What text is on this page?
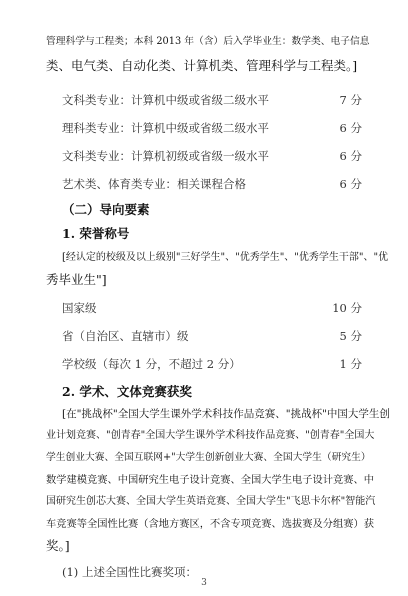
管理科学与工程类；本科 2013 年（含）后入学毕业生：数学类、电子信息
类、电气类、自动化类、计算机类、管理科学与工程类。]
文科类专业：计算机中级或省级二级水平	7 分
理科类专业：计算机中级或省级二级水平	6 分
文科类专业：计算机初级或省级一级水平	6 分
艺术类、体育类专业：相关课程合格	6 分
（二）导向要素
1. 荣誉称号
[经认定的校级及以上级别"三好学生"、"优秀学生"、"优秀学生干部"、"优
秀毕业生"]
国家级	10 分
省（自治区、直辖市）级	5 分
学校级（每次 1 分，不超过 2 分）	1 分
2. 学术、文体竞赛获奖
[在"挑战杯"全国大学生课外学术科技作品竞赛、"挑战杯"中国大学生创
业计划竞赛、"创青春"全国大学生课外学术科技作品竞赛、"创青春"全国大
学生创业大赛、全国互联网+"大学生创新创业大赛、全国大学生（研究生）
数学建模竞赛、中国研究生电子设计竞赛、全国大学生电子设计竞赛、中
国研究生创芯大赛、全国大学生英语竞赛、全国大学生"飞思卡尔杯"智能汽
车竞赛等全国性比赛（含地方赛区，不含专项竞赛、选拔赛及分组赛）获
奖。]
(1) 上述全国性比赛奖项：
3
